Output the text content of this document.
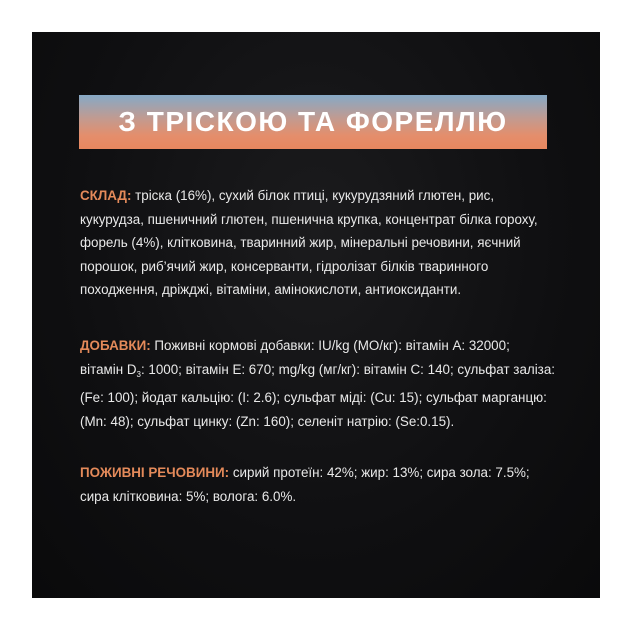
З ТРІСКОЮ ТА ФОРЕЛЛЮ
СКЛАД: тріска (16%), сухий білок птиці, кукурудзяний глютен, рис, кукурудза, пшеничний глютен, пшенична крупка, концентрат білка гороху, форель (4%), клітковина, тваринний жир, мінеральні речовини, яєчний порошок, риб’ячий жир, консерванти, гідролізат білків тваринного походження, дріжджі, вітаміни, амінокислоти, антиоксиданти.
ДОБАВКИ: Поживні кормові добавки: IU/kg (МО/кг): вітамін А: 32000; вітамін $D_3$: 1000; вітамін Е: 670; mg/kg (мг/кг): вітамін С: 140; сульфат заліза: (Fe: 100); йодат кальцію: (I: 2.6); сульфат міді: (Cu: 15); сульфат марганцю: (Mn: 48); сульфат цинку: (Zn: 160); селеніт натрію: (Se:0.15).
ПОЖИВНІ РЕЧОВИНИ: сирий протеїн: 42%; жир: 13%; сира зола: 7.5%; сира клітковина: 5%; волога: 6.0%.
